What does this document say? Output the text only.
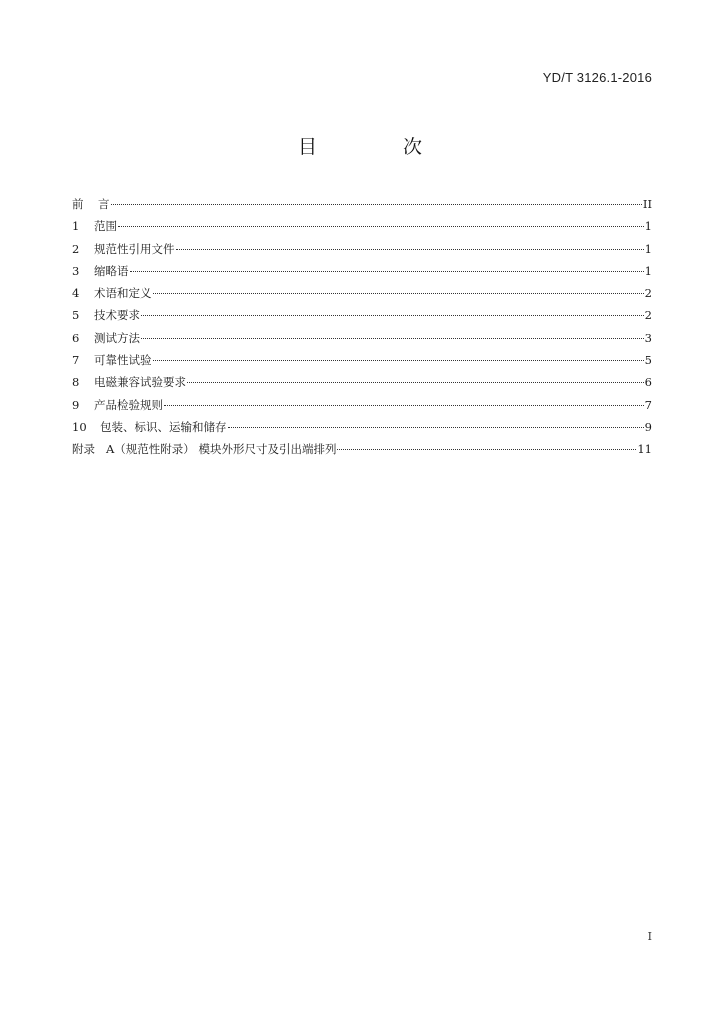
YD/T 3126.1-2016
目 次
前	言	II
1	范围	1
2	规范性引用文件	1
3	缩略语	1
4	术语和定义	2
5	技术要求	2
6	测试方法	3
7	可靠性试验	5
8	电磁兼容试验要求	6
9	产品检验规则	7
10	包装、标识、运输和储存	9
附录 A（规范性附录） 模块外形尺寸及引出端排列	11
I
